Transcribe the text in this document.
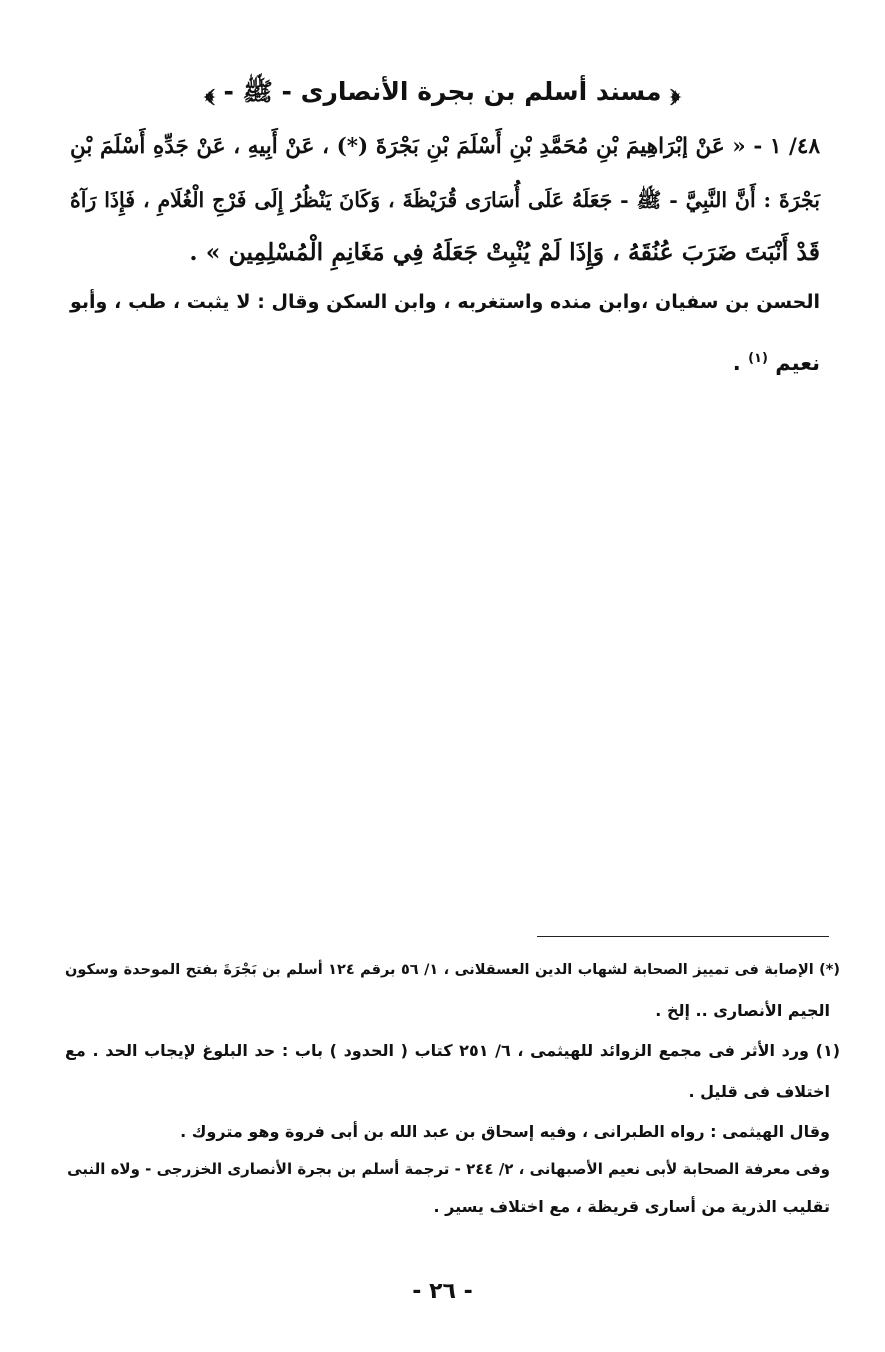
﴿ مسند أسلم بن بجرة الأنصارى - ﷺ - ﴾
٤٨/ ١ - « عَنْ إبْرَاهِيمَ بْنِ مُحَمَّدِ بْنِ أَسْلَمَ بْنِ بَجْرَةَ (*) ، عَنْ أَبِيهِ ، عَنْ جَدِّهِ أَسْلَمَ بْنِ
بَجْرَةَ : أَنَّ النَّبِيَّ - ﷺ - جَعَلَهُ عَلَى أُسَارَى قُرَيْظَةَ ، وَكَانَ يَنْظُرُ إِلَى فَرْجِ الْغُلَامِ ، فَإِذَا رَآهُ
قَدْ أَنْبَتَ ضَرَبَ عُنُقَهُ ، وَإِذَا لَمْ يُنْبِتْ جَعَلَهُ فِي مَغَانِمِ الْمُسْلِمِين » .
الحسن بن سفيان ،وابن منده واستغربه ، وابن السكن وقال : لا يثبت ، طب ، وأبو
نعيم $^{(١)}$ .
(*) الإصابة فى تمييز الصحابة لشهاب الدين العسقلانى ، ١/ ٥٦ برقم ١٢٤ أسلم بن بَجْرَةَ بفتح الموحدة وسكون
الجيم الأنصارى .. إلخ .
(١) ورد الأثر فى مجمع الزوائد للهيثمى ، ٦/ ٢٥١ كتاب ( الحدود ) باب : حد البلوغ لإيجاب الحد . مع
اختلاف فى قليل .
وقال الهيثمى : رواه الطبرانى ، وفيه إسحاق بن عبد الله بن أبى فروة وهو متروك .
وفى معرفة الصحابة لأبى نعيم الأصبهانى ، ٢/ ٢٤٤ - ترجمة أسلم بن بجرة الأنصارى الخزرجى - ولاه النبى
تقليب الذرية من أسارى قريظة ، مع اختلاف يسير .
- ٢٦ -
